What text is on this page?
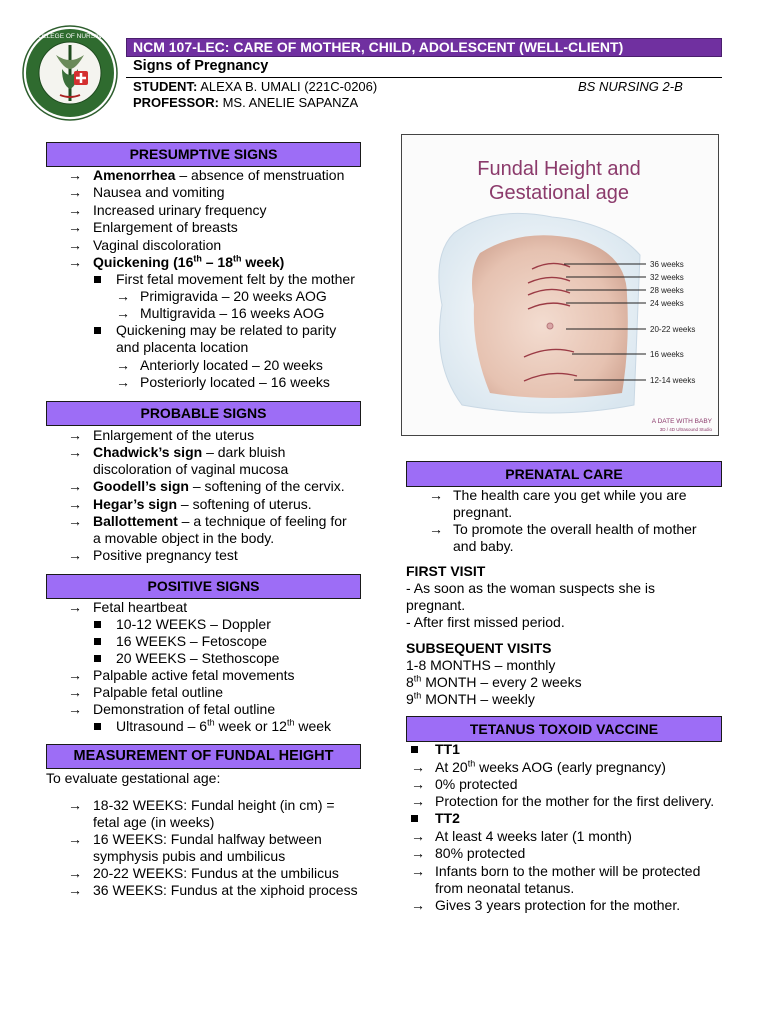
COLLEGE OF NURSING
NCM 107-LEC: CARE OF MOTHER, CHILD, ADOLESCENT (WELL-CLIENT)
Signs of Pregnancy
STUDENT: ALEXA B. UMALI (221C-0206)	BS NURSING 2-B
PROFESSOR: MS. ANELIE SAPANZA
PRESUMPTIVE SIGNS
→ Amenorrhea – absence of menstruation
→ Nausea and vomiting
→ Increased urinary frequency
→ Enlargement of breasts
→ Vaginal discoloration
→ Quickening (16th – 18th week)
First fetal movement felt by the mother
→ Primigravida – 20 weeks AOG
→ Multigravida – 16 weeks AOG
Quickening may be related to parity
and placenta location
→ Anteriorly located – 20 weeks
→ Posteriorly located – 16 weeks
PROBABLE SIGNS
→ Enlargement of the uterus
→ Chadwick’s sign – dark bluish
discoloration of vaginal mucosa
→ Goodell’s sign – softening of the cervix.
→ Hegar’s sign – softening of uterus.
→ Ballottement – a technique of feeling for
a movable object in the body.
→ Positive pregnancy test
POSITIVE SIGNS
→ Fetal heartbeat
10-12 WEEKS – Doppler
16 WEEKS – Fetoscope
20 WEEKS – Stethoscope
→ Palpable active fetal movements
→ Palpable fetal outline
→ Demonstration of fetal outline
Ultrasound – 6th week or 12th week
MEASUREMENT OF FUNDAL HEIGHT
To evaluate gestational age:
→ 18-32 WEEKS: Fundal height (in cm) =
fetal age (in weeks)
→ 16 WEEKS: Fundal halfway between
symphysis pubis and umbilicus
→ 20-22 WEEKS: Fundus at the umbilicus
→ 36 WEEKS: Fundus at the xiphoid process
Fundal Height and
Gestational age
36 weeks
32 weeks
28 weeks
24 weeks
20-22 weeks
16 weeks
12-14 weeks
A DATE WITH BABY
3D / 4D Ultrasound Studio
PRENATAL CARE
→ The health care you get while you are
pregnant.
→ To promote the overall health of mother
and baby.
FIRST VISIT
- As soon as the woman suspects she is
pregnant.
- After first missed period.
SUBSEQUENT VISITS
1-8 MONTHS – monthly
8th MONTH – every 2 weeks
9th MONTH – weekly
TETANUS TOXOID VACCINE
TT1
→ At 20th weeks AOG (early pregnancy)
→ 0% protected
→ Protection for the mother for the first delivery.
TT2
→ At least 4 weeks later (1 month)
→ 80% protected
→ Infants born to the mother will be protected
from neonatal tetanus.
→ Gives 3 years protection for the mother.
